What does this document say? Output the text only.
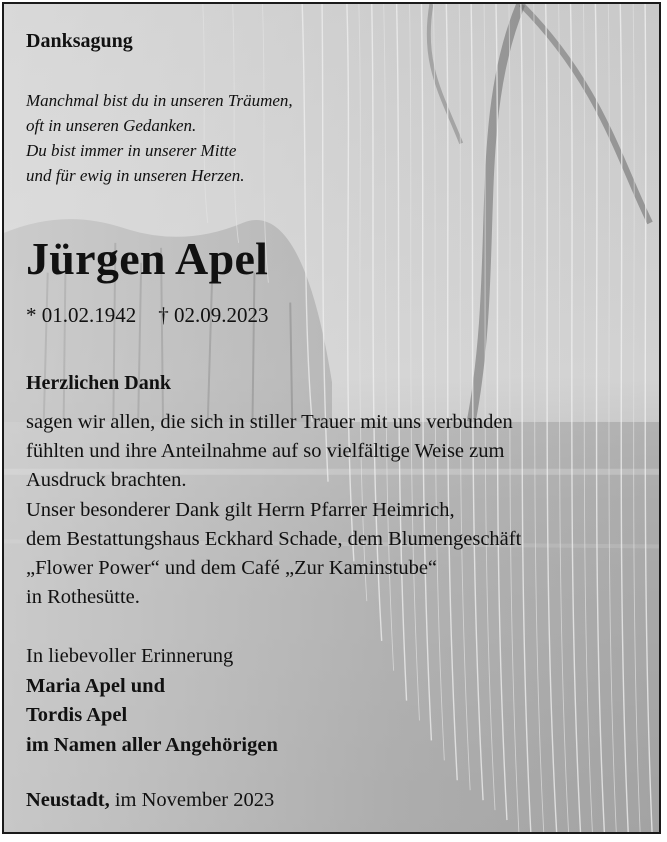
Danksagung
Manchmal bist du in unseren Träumen,
oft in unseren Gedanken.
Du bist immer in unserer Mitte
und für ewig in unseren Herzen.
Jürgen Apel
* 01.02.1942 † 02.09.2023
Herzlichen Dank
sagen wir allen, die sich in stiller Trauer mit uns verbunden
fühlten und ihre Anteilnahme auf so vielfältige Weise zum
Ausdruck brachten.
Unser besonderer Dank gilt Herrn Pfarrer Heimrich,
dem Bestattungshaus Eckhard Schade, dem Blumengeschäft
„Flower Power“ und dem Café „Zur Kaminstube“
in Rothesütte.
In liebevoller Erinnerung
Maria Apel und
Tordis Apel
im Namen aller Angehörigen
Neustadt, im November 2023
